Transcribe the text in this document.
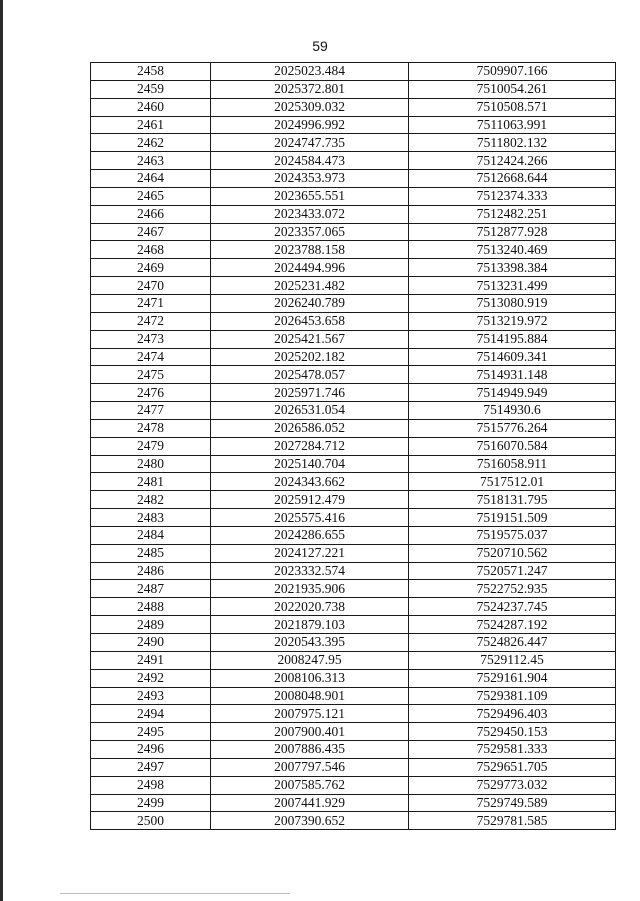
59
2458	2025023.484	7509907.166
2459	2025372.801	7510054.261
2460	2025309.032	7510508.571
2461	2024996.992	7511063.991
2462	2024747.735	7511802.132
2463	2024584.473	7512424.266
2464	2024353.973	7512668.644
2465	2023655.551	7512374.333
2466	2023433.072	7512482.251
2467	2023357.065	7512877.928
2468	2023788.158	7513240.469
2469	2024494.996	7513398.384
2470	2025231.482	7513231.499
2471	2026240.789	7513080.919
2472	2026453.658	7513219.972
2473	2025421.567	7514195.884
2474	2025202.182	7514609.341
2475	2025478.057	7514931.148
2476	2025971.746	7514949.949
2477	2026531.054	7514930.6
2478	2026586.052	7515776.264
2479	2027284.712	7516070.584
2480	2025140.704	7516058.911
2481	2024343.662	7517512.01
2482	2025912.479	7518131.795
2483	2025575.416	7519151.509
2484	2024286.655	7519575.037
2485	2024127.221	7520710.562
2486	2023332.574	7520571.247
2487	2021935.906	7522752.935
2488	2022020.738	7524237.745
2489	2021879.103	7524287.192
2490	2020543.395	7524826.447
2491	2008247.95	7529112.45
2492	2008106.313	7529161.904
2493	2008048.901	7529381.109
2494	2007975.121	7529496.403
2495	2007900.401	7529450.153
2496	2007886.435	7529581.333
2497	2007797.546	7529651.705
2498	2007585.762	7529773.032
2499	2007441.929	7529749.589
2500	2007390.652	7529781.585
